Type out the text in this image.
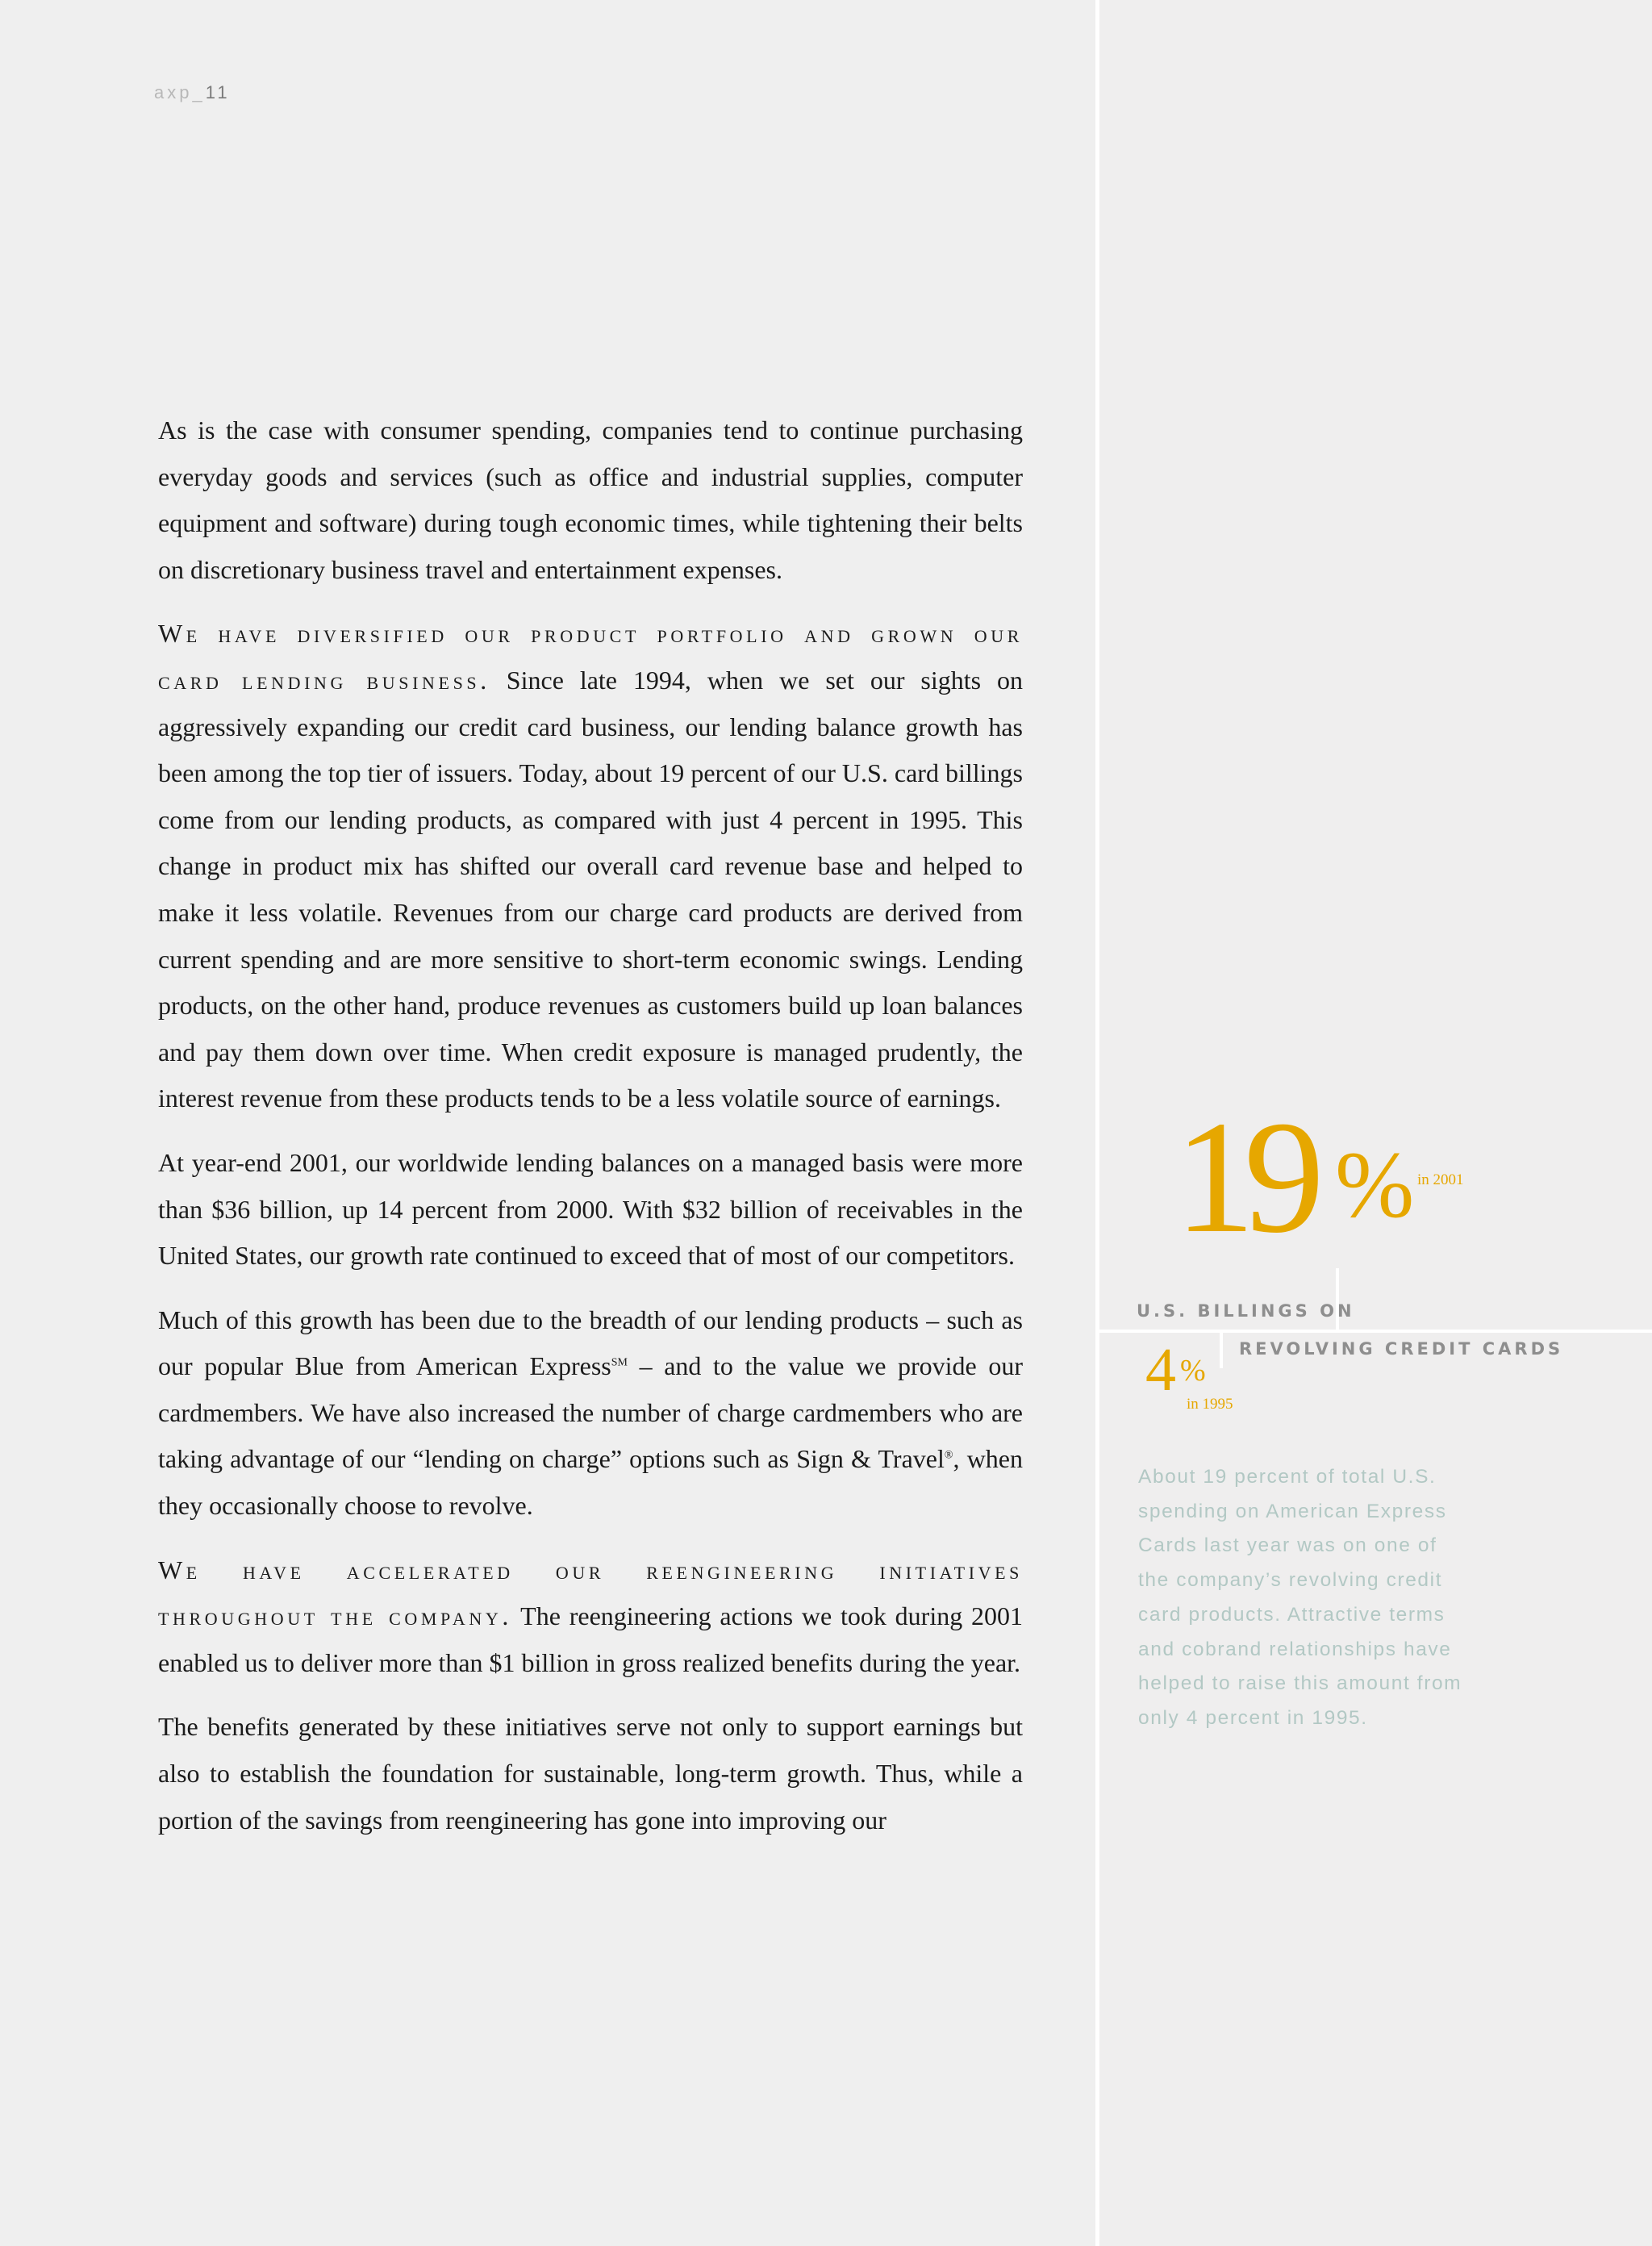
axp_11

As is the case with consumer spending, companies tend to continue purchasing everyday goods and services (such as office and industrial supplies, computer equipment and software) during tough economic times, while tightening their belts on discretionary business travel and entertainment expenses.

We have diversified our product portfolio and grown our card lending business. Since late 1994, when we set our sights on aggressively expanding our credit card business, our lending balance growth has been among the top tier of issuers. Today, about 19 percent of our U.S. card billings come from our lending products, as compared with just 4 percent in 1995. This change in product mix has shifted our overall card revenue base and helped to make it less volatile. Revenues from our charge card products are derived from current spending and are more sensitive to short-term economic swings. Lending products, on the other hand, produce revenues as customers build up loan balances and pay them down over time. When credit exposure is managed prudently, the interest revenue from these products tends to be a less volatile source of earnings.

At year-end 2001, our worldwide lending balances on a managed basis were more than $36 billion, up 14 percent from 2000. With $32 billion of receivables in the United States, our growth rate continued to exceed that of most of our competitors.

Much of this growth has been due to the breadth of our lending products – such as our popular Blue from American Express℠ – and to the value we provide our cardmembers. We have also increased the number of charge cardmembers who are taking advantage of our “lending on charge” options such as Sign & Travel®, when they occasionally choose to revolve.

We have accelerated our reengineering initiatives throughout the company. The reengineering actions we took during 2001 enabled us to deliver more than $1 billion in gross realized benefits during the year.

The benefits generated by these initiatives serve not only to support earnings but also to establish the foundation for sustainable, long-term growth. Thus, while a portion of the savings from reengineering has gone into improving our

19 % in 2001
U.S. BILLINGS ON
REVOLVING CREDIT CARDS
4 %
in 1995
About 19 percent of total U.S.
spending on American Express
Cards last year was on one of
the company’s revolving credit
card products. Attractive terms
and cobrand relationships have
helped to raise this amount from
only 4 percent in 1995.
